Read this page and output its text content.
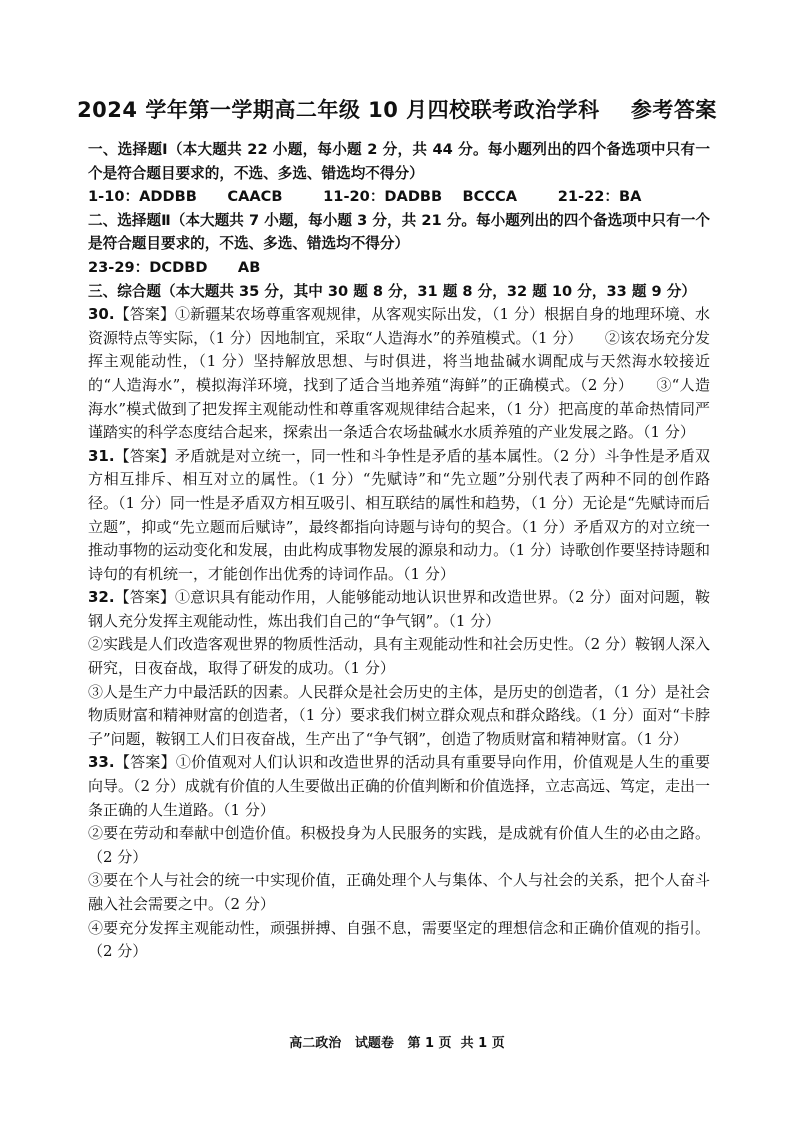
2024 学年第一学期高二年级 10 月四校联考政治学科    参考答案

一、选择题Ⅰ（本大题共 22 小题，每小题 2 分，共 44 分。每小题列出的四个备选项中只有一个是符合题目要求的，不选、多选、错选均不得分）

1-10：ADDBB      CAACB        11-20：DADBB    BCCCA        21-22：BA

二、选择题Ⅱ（本大题共 7 小题，每小题 3 分，共 21 分。每小题列出的四个备选项中只有一个是符合题目要求的，不选、多选、错选均不得分）

23-29：DCDBD      AB

三、综合题（本大题共 35 分，其中 30 题 8 分，31 题 8 分，32 题 10 分，33 题 9 分）

30.【答案】①新疆某农场尊重客观规律，从客观实际出发，（1 分）根据自身的地理环境、水资源特点等实际，（1 分）因地制宜，采取“人造海水”的养殖模式。（1 分）　　②该农场充分发挥主观能动性，（1 分）坚持解放思想、与时俱进，将当地盐碱水调配成与天然海水较接近的“人造海水”，模拟海洋环境，找到了适合当地养殖“海鲜”的正确模式。（2 分）　　③“人造海水”模式做到了把发挥主观能动性和尊重客观规律结合起来，（1 分）把高度的革命热情同严谨踏实的科学态度结合起来，探索出一条适合农场盐碱水水质养殖的产业发展之路。（1 分）

31.【答案】矛盾就是对立统一，同一性和斗争性是矛盾的基本属性。（2 分）斗争性是矛盾双方相互排斥、相互对立的属性。（1 分）“先赋诗”和“先立题”分别代表了两种不同的创作路径。（1 分）同一性是矛盾双方相互吸引、相互联结的属性和趋势，（1 分）无论是“先赋诗而后立题”，抑或“先立题而后赋诗”，最终都指向诗题与诗句的契合。（1 分）矛盾双方的对立统一推动事物的运动变化和发展，由此构成事物发展的源泉和动力。（1 分）诗歌创作要坚持诗题和诗句的有机统一，才能创作出优秀的诗词作品。（1 分）

32.【答案】①意识具有能动作用，人能够能动地认识世界和改造世界。（2 分）面对问题，鞍钢人充分发挥主观能动性，炼出我们自己的“争气钢”。（1 分）

②实践是人们改造客观世界的物质性活动，具有主观能动性和社会历史性。（2 分）鞍钢人深入研究，日夜奋战，取得了研发的成功。（1 分）

③人是生产力中最活跃的因素。人民群众是社会历史的主体，是历史的创造者，（1 分）是社会物质财富和精神财富的创造者，（1 分）要求我们树立群众观点和群众路线。（1 分）面对“卡脖子”问题，鞍钢工人们日夜奋战，生产出了“争气钢”，创造了物质财富和精神财富。（1 分）

33.【答案】①价值观对人们认识和改造世界的活动具有重要导向作用，价值观是人生的重要向导。（2 分）成就有价值的人生要做出正确的价值判断和价值选择，立志高远、笃定，走出一条正确的人生道路。（1 分）

②要在劳动和奉献中创造价值。积极投身为人民服务的实践，是成就有价值人生的必由之路。（2 分）

③要在个人与社会的统一中实现价值，正确处理个人与集体、个人与社会的关系，把个人奋斗融入社会需要之中。（2 分）

④要充分发挥主观能动性，顽强拼搏、自强不息，需要坚定的理想信念和正确价值观的指引。（2 分）

高二政治   试题卷   第 1 页  共 1 页
